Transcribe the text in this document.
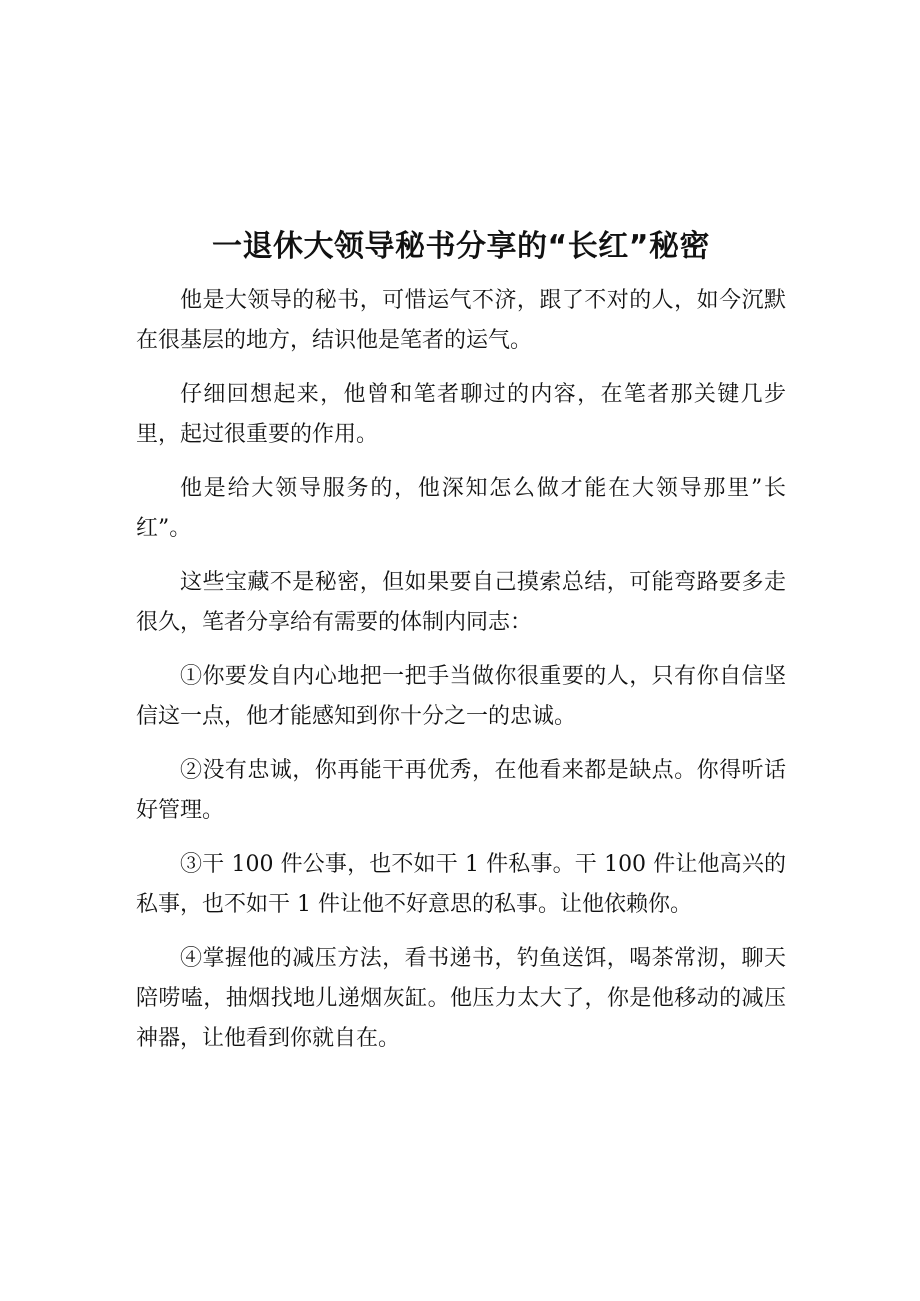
一退休大领导秘书分享的“长红”秘密

他是大领导的秘书，可惜运气不济，跟了不对的人，如今沉默在很基层的地方，结识他是笔者的运气。

仔细回想起来，他曾和笔者聊过的内容，在笔者那关键几步里，起过很重要的作用。

他是给大领导服务的，他深知怎么做才能在大领导那里”长红”。

这些宝藏不是秘密，但如果要自己摸索总结，可能弯路要多走很久，笔者分享给有需要的体制内同志：

①你要发自内心地把一把手当做你很重要的人，只有你自信坚信这一点，他才能感知到你十分之一的忠诚。

②没有忠诚，你再能干再优秀，在他看来都是缺点。你得听话好管理。

③干 100 件公事，也不如干 1 件私事。干 100 件让他高兴的私事，也不如干 1 件让他不好意思的私事。让他依赖你。

④掌握他的减压方法，看书递书，钓鱼送饵，喝茶常沏，聊天陪唠嗑，抽烟找地儿递烟灰缸。他压力太大了，你是他移动的减压神器，让他看到你就自在。
